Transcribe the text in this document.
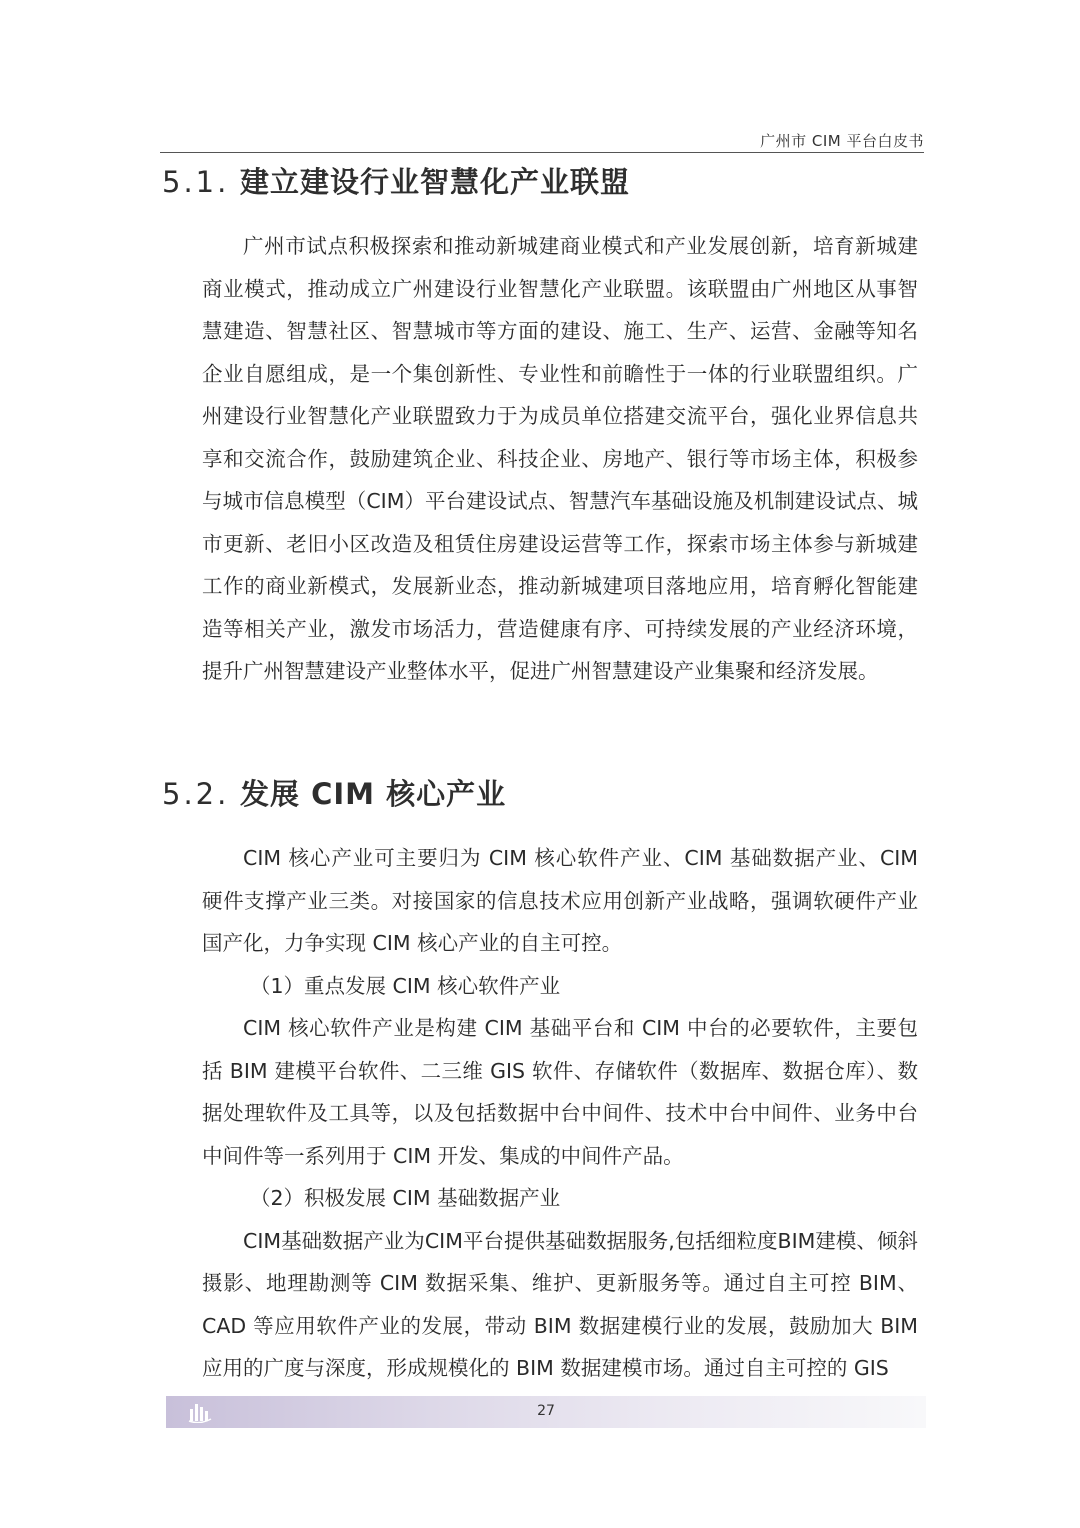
广州市 CIM 平台白皮书
5.1. 建立建设行业智慧化产业联盟

广州市试点积极探索和推动新城建商业模式和产业发展创新，培育新城建商业模式，推动成立广州建设行业智慧化产业联盟。该联盟由广州地区从事智慧建造、智慧社区、智慧城市等方面的建设、施工、生产、运营、金融等知名企业自愿组成，是一个集创新性、专业性和前瞻性于一体的行业联盟组织。广州建设行业智慧化产业联盟致力于为成员单位搭建交流平台，强化业界信息共享和交流合作，鼓励建筑企业、科技企业、房地产、银行等市场主体，积极参与城市信息模型（CIM）平台建设试点、智慧汽车基础设施及机制建设试点、城市更新、老旧小区改造及租赁住房建设运营等工作，探索市场主体参与新城建工作的商业新模式，发展新业态，推动新城建项目落地应用，培育孵化智能建造等相关产业，激发市场活力，营造健康有序、可持续发展的产业经济环境，提升广州智慧建设产业整体水平，促进广州智慧建设产业集聚和经济发展。

5.2. 发展 CIM 核心产业

CIM 核心产业可主要归为 CIM 核心软件产业、CIM 基础数据产业、CIM 硬件支撑产业三类。对接国家的信息技术应用创新产业战略，强调软硬件产业国产化，力争实现 CIM 核心产业的自主可控。

（1）重点发展 CIM 核心软件产业

CIM 核心软件产业是构建 CIM 基础平台和 CIM 中台的必要软件，主要包括 BIM 建模平台软件、二三维 GIS 软件、存储软件（数据库、数据仓库）、数据处理软件及工具等，以及包括数据中台中间件、技术中台中间件、业务中台中间件等一系列用于 CIM 开发、集成的中间件产品。

（2）积极发展 CIM 基础数据产业

CIM基础数据产业为CIM平台提供基础数据服务,包括细粒度BIM建模、倾斜摄影、地理勘测等 CIM 数据采集、维护、更新服务等。通过自主可控 BIM、CAD 等应用软件产业的发展，带动 BIM 数据建模行业的发展，鼓励加大 BIM 应用的广度与深度，形成规模化的 BIM 数据建模市场。通过自主可控的 GIS

27
